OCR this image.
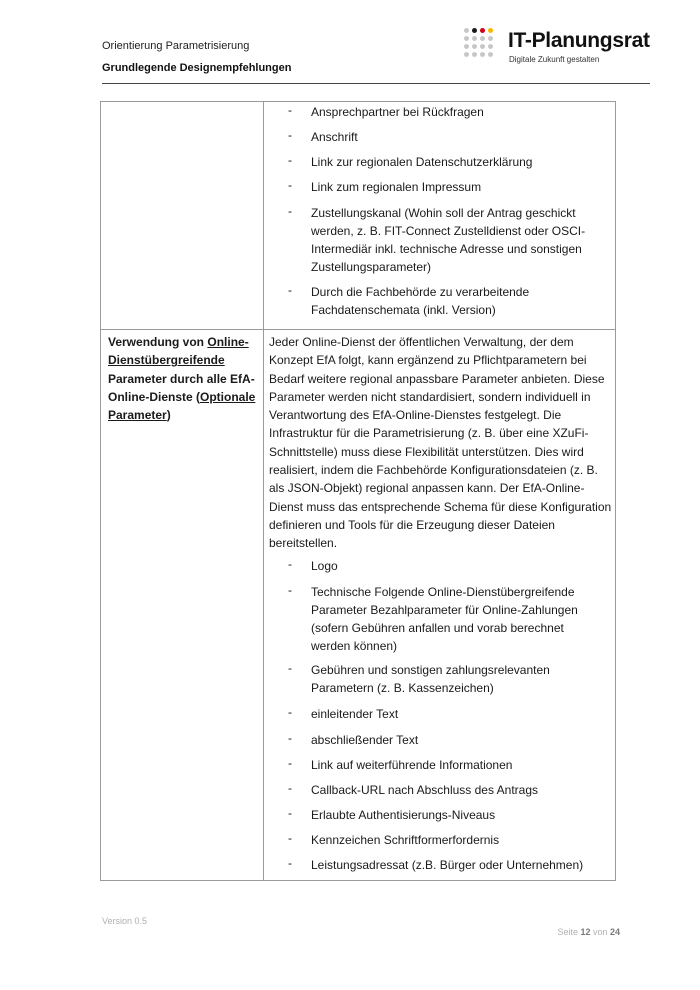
Orientierung Parametrisierung
Grundlegende Designempfehlungen
IT-Planungsrat
Digitale Zukunft gestalten
- Ansprechpartner bei Rückfragen
- Anschrift
- Link zur regionalen Datenschutzerklärung
- Link zum regionalen Impressum
- Zustellungskanal (Wohin soll der Antrag geschickt werden, z. B. FIT-Connect Zustelldienst oder OSCI-Intermediär inkl. technische Adresse und sonstigen Zustellungsparameter)
- Durch die Fachbehörde zu verarbeitende Fachdatenschemata (inkl. Version)
Verwendung von Online-Dienstübergreifende Parameter durch alle EfA-Online-Dienste (Optionale Parameter)
Jeder Online-Dienst der öffentlichen Verwaltung, der dem Konzept EfA folgt, kann ergänzend zu Pflichtparametern bei Bedarf weitere regional anpassbare Parameter anbieten. Diese Parameter werden nicht standardisiert, sondern individuell in Verantwortung des EfA-Online-Dienstes festgelegt. Die Infrastruktur für die Parametrisierung (z. B. über eine XZuFi-Schnittstelle) muss diese Flexibilität unterstützen. Dies wird realisiert, indem die Fachbehörde Konfigurationsdateien (z. B. als JSON-Objekt) regional anpassen kann. Der EfA-Online-Dienst muss das entsprechende Schema für diese Konfiguration definieren und Tools für die Erzeugung dieser Dateien bereitstellen.
- Logo
- Technische Folgende Online-Dienstübergreifende Parameter Bezahlparameter für Online-Zahlungen (sofern Gebühren anfallen und vorab berechnet werden können)
- Gebühren und sonstigen zahlungsrelevanten Parametern (z. B. Kassenzeichen)
- einleitender Text
- abschließender Text
- Link auf weiterführende Informationen
- Callback-URL nach Abschluss des Antrags
- Erlaubte Authentisierungs-Niveaus
- Kennzeichen Schriftformerfordernis
- Leistungsadressat (z.B. Bürger oder Unternehmen)
Version 0.5
Seite 12 von 24
